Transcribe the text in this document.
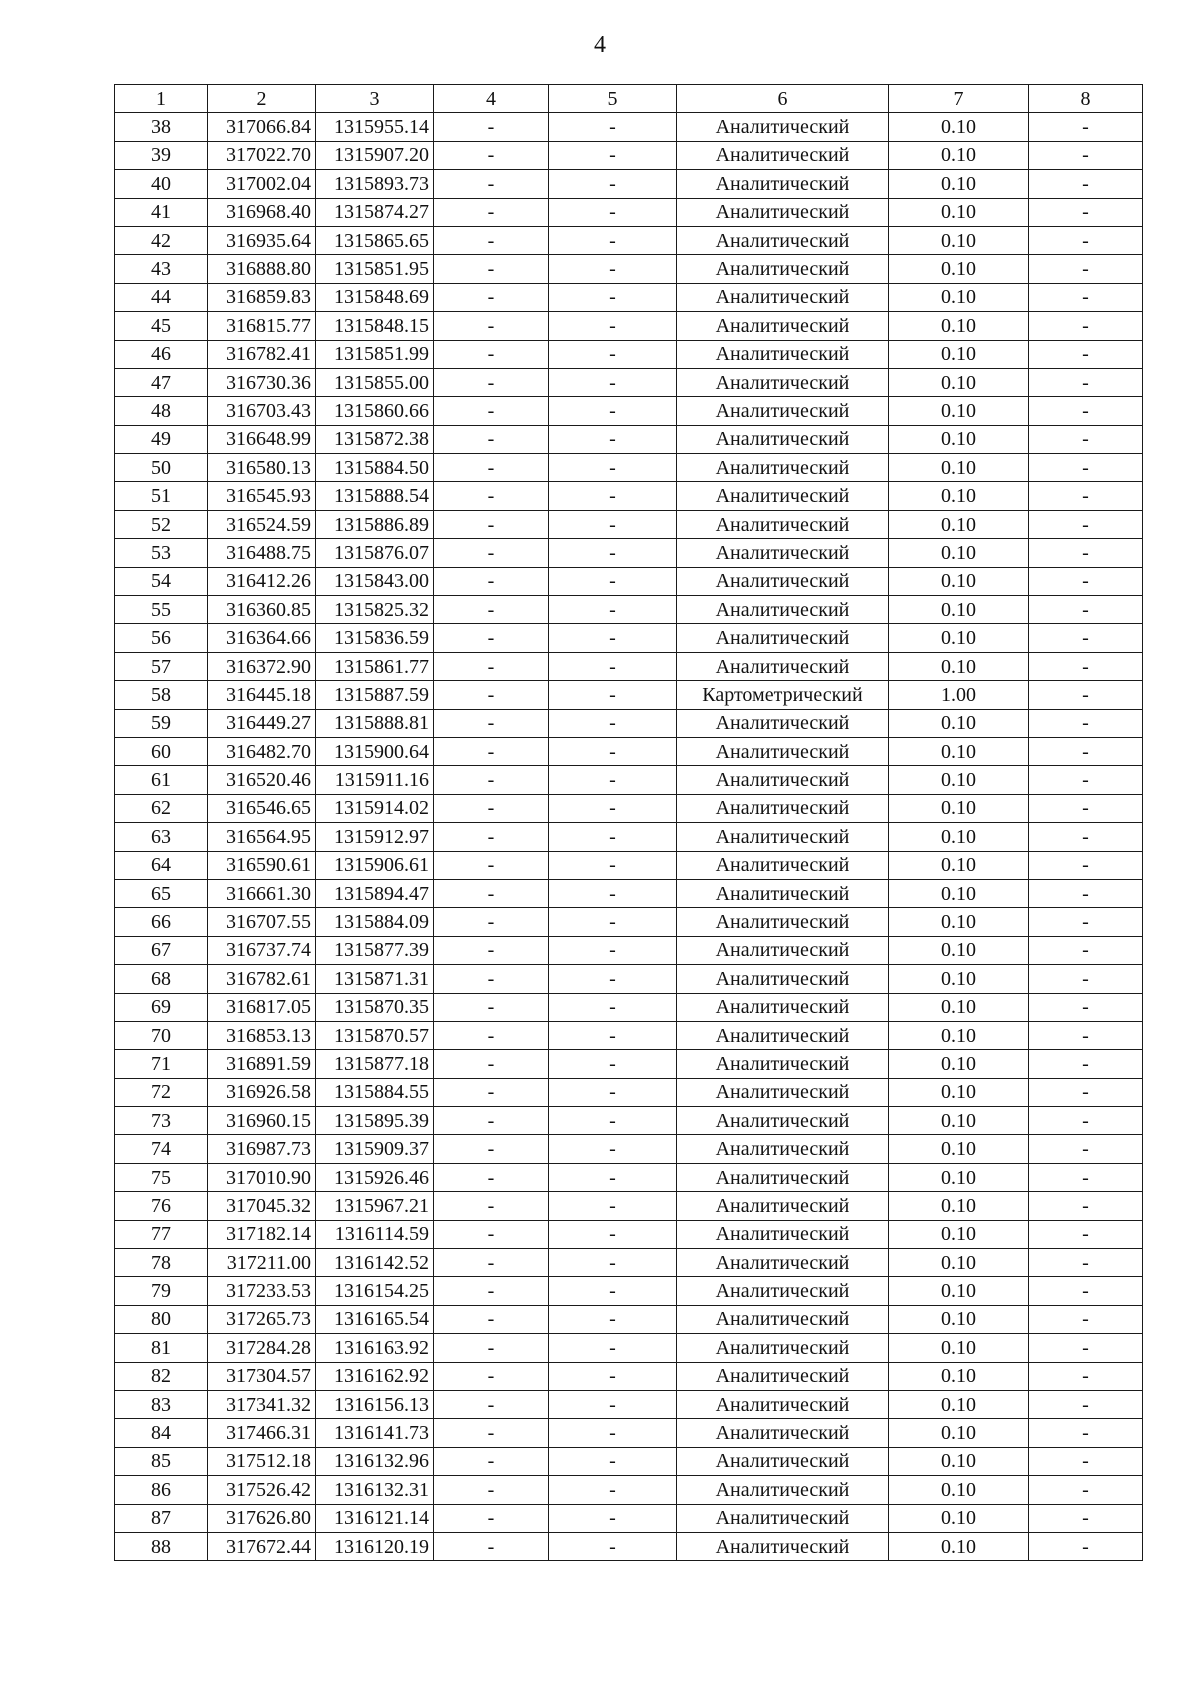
4
1	2	3	4	5	6	7	8
38	317066.84	1315955.14	-	-	Аналитический	0.10	-
39	317022.70	1315907.20	-	-	Аналитический	0.10	-
40	317002.04	1315893.73	-	-	Аналитический	0.10	-
41	316968.40	1315874.27	-	-	Аналитический	0.10	-
42	316935.64	1315865.65	-	-	Аналитический	0.10	-
43	316888.80	1315851.95	-	-	Аналитический	0.10	-
44	316859.83	1315848.69	-	-	Аналитический	0.10	-
45	316815.77	1315848.15	-	-	Аналитический	0.10	-
46	316782.41	1315851.99	-	-	Аналитический	0.10	-
47	316730.36	1315855.00	-	-	Аналитический	0.10	-
48	316703.43	1315860.66	-	-	Аналитический	0.10	-
49	316648.99	1315872.38	-	-	Аналитический	0.10	-
50	316580.13	1315884.50	-	-	Аналитический	0.10	-
51	316545.93	1315888.54	-	-	Аналитический	0.10	-
52	316524.59	1315886.89	-	-	Аналитический	0.10	-
53	316488.75	1315876.07	-	-	Аналитический	0.10	-
54	316412.26	1315843.00	-	-	Аналитический	0.10	-
55	316360.85	1315825.32	-	-	Аналитический	0.10	-
56	316364.66	1315836.59	-	-	Аналитический	0.10	-
57	316372.90	1315861.77	-	-	Аналитический	0.10	-
58	316445.18	1315887.59	-	-	Картометрический	1.00	-
59	316449.27	1315888.81	-	-	Аналитический	0.10	-
60	316482.70	1315900.64	-	-	Аналитический	0.10	-
61	316520.46	1315911.16	-	-	Аналитический	0.10	-
62	316546.65	1315914.02	-	-	Аналитический	0.10	-
63	316564.95	1315912.97	-	-	Аналитический	0.10	-
64	316590.61	1315906.61	-	-	Аналитический	0.10	-
65	316661.30	1315894.47	-	-	Аналитический	0.10	-
66	316707.55	1315884.09	-	-	Аналитический	0.10	-
67	316737.74	1315877.39	-	-	Аналитический	0.10	-
68	316782.61	1315871.31	-	-	Аналитический	0.10	-
69	316817.05	1315870.35	-	-	Аналитический	0.10	-
70	316853.13	1315870.57	-	-	Аналитический	0.10	-
71	316891.59	1315877.18	-	-	Аналитический	0.10	-
72	316926.58	1315884.55	-	-	Аналитический	0.10	-
73	316960.15	1315895.39	-	-	Аналитический	0.10	-
74	316987.73	1315909.37	-	-	Аналитический	0.10	-
75	317010.90	1315926.46	-	-	Аналитический	0.10	-
76	317045.32	1315967.21	-	-	Аналитический	0.10	-
77	317182.14	1316114.59	-	-	Аналитический	0.10	-
78	317211.00	1316142.52	-	-	Аналитический	0.10	-
79	317233.53	1316154.25	-	-	Аналитический	0.10	-
80	317265.73	1316165.54	-	-	Аналитический	0.10	-
81	317284.28	1316163.92	-	-	Аналитический	0.10	-
82	317304.57	1316162.92	-	-	Аналитический	0.10	-
83	317341.32	1316156.13	-	-	Аналитический	0.10	-
84	317466.31	1316141.73	-	-	Аналитический	0.10	-
85	317512.18	1316132.96	-	-	Аналитический	0.10	-
86	317526.42	1316132.31	-	-	Аналитический	0.10	-
87	317626.80	1316121.14	-	-	Аналитический	0.10	-
88	317672.44	1316120.19	-	-	Аналитический	0.10	-
